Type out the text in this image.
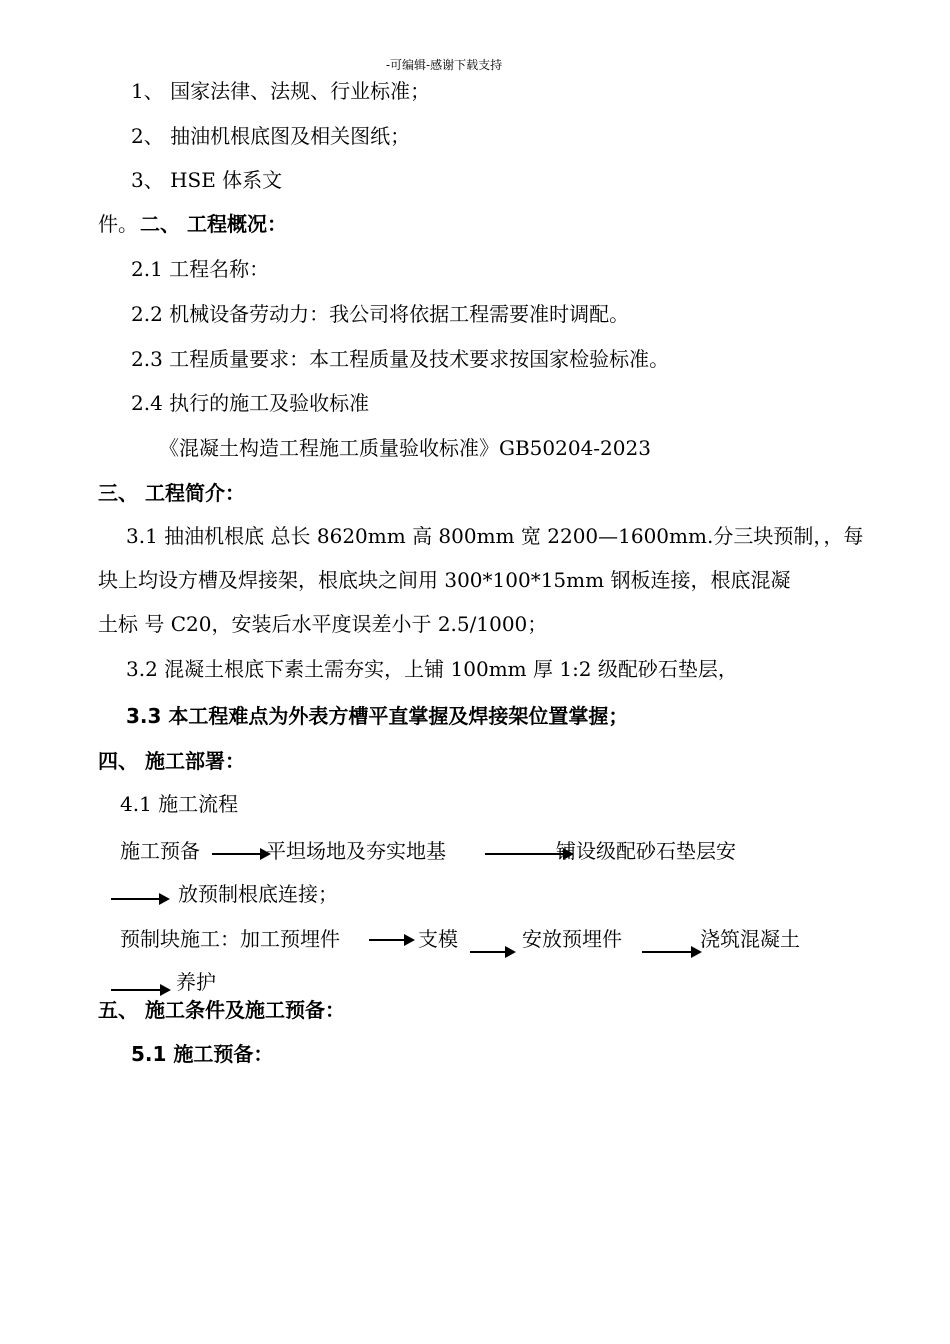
-可编辑-感谢下载支持
1、 国家法律、法规、行业标准；
2、 抽油机根底图及相关图纸；
3、 HSE 体系文
件。 二、 工程概况：
2.1 工程名称：
2.2 机械设备劳动力：我公司将依据工程需要准时调配。
2.3 工程质量要求：本工程质量及技术要求按国家检验标准。
2.4 执行的施工及验收标准
《混凝土构造工程施工质量验收标准》GB50204-2023
三、 工程简介：
3.1 抽油机根底 总长 8620mm 高 800mm 宽 2200—1600mm.分三块预制，，每
块上均设方槽及焊接架，根底块之间用 300*100*15mm 钢板连接，根底混凝
土标 号 C20，安装后水平度误差小于 2.5/1000；
3.2 混凝土根底下素土需夯实，上铺 100mm 厚 1:2 级配砂石垫层，
3.3 本工程难点为外表方槽平直掌握及焊接架位置掌握；
四、 施工部署：
4.1 施工流程
施工预备	平坦场地及夯实地基	铺设级配砂石垫层安
放预制根底连接；
预制块施工：加工预埋件	支模	安放预埋件	浇筑混凝土
养护
五、 施工条件及施工预备：
5.1 施工预备：
